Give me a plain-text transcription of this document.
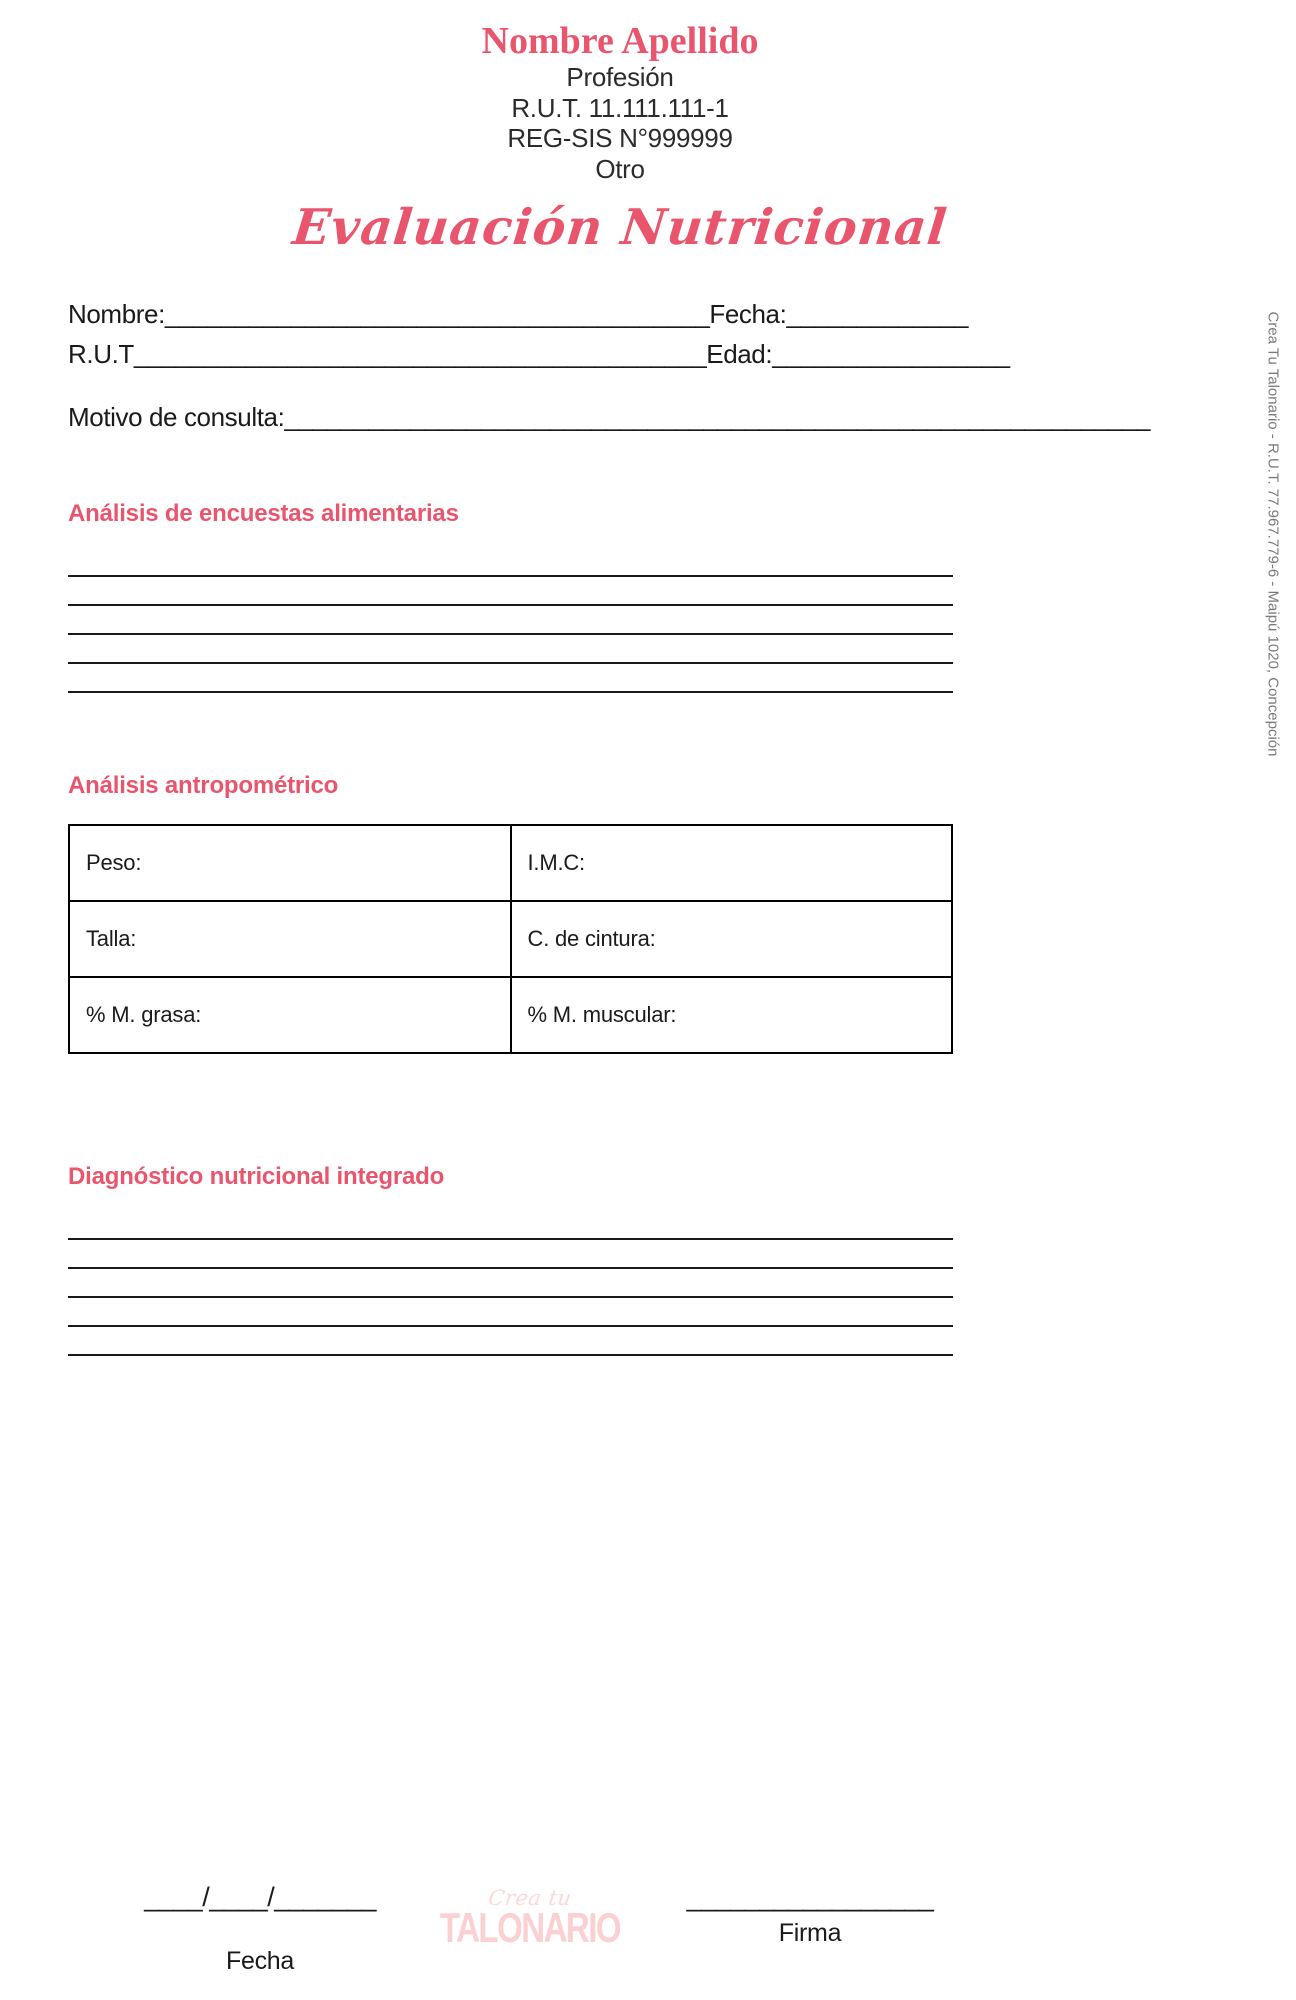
Nombre Apellido
Profesión
R.U.T. 11.111.111-1
REG-SIS N°999999
Otro
Evaluación Nutricional
Nombre:_______________________________________Fecha:_____________
R.U.T_________________________________________Edad:_________________
Motivo de consulta:______________________________________________________________
Análisis de encuestas alimentarias
Análisis antropométrico
Peso:	I.M.C:
Talla:	C. de cintura:
% M. grasa:	% M. muscular:
Diagnóstico nutricional integrado
____/____/_______
Fecha
Crea tu
TALONARIO
_________________
Firma
Crea Tu Talonario - R.U.T. 77.967.779-6 - Maipú 1020, Concepción
